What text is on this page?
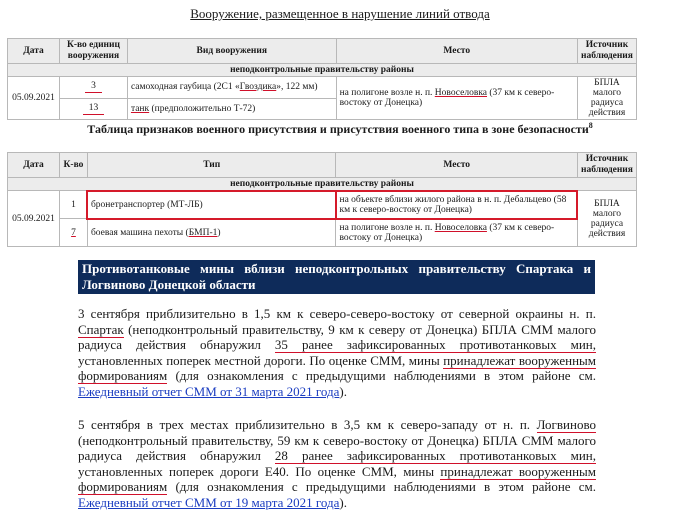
Вооружение, размещенное в нарушение линий отвода
Дата	К-во единиц вооружения	Вид вооружения	Место	Источник наблюдения
неподконтрольные правительству районы				
05.09.2021	3	самоходная гаубица (2С1 «Гвоздика», 122 мм)	на полигоне возле н. п. Новоселовка (37 км к северо-востоку от Донецка)	БПЛА малого радиуса действия
	13	танк (предположительно Т-72)		
Таблица признаков военного присутствия и присутствия военного типа в зоне безопасности$^8$
Дата	К-во	Тип	Место	Источник наблюдения
неподконтрольные правительству районы				
05.09.2021	1	бронетранспортер (МТ-ЛБ)	на объекте вблизи жилого района в н. п. Дебальцево (58 км к северо-востоку от Донецка)	БПЛА малого радиуса действия
	7	боевая машина пехоты (БМП-1)	на полигоне возле н. п. Новоселовка (37 км к северо-востоку от Донецка)	
Противотанковые мины вблизи неподконтрольных правительству Спартака и Логвиново Донецкой области
3 сентября приблизительно в 1,5 км к северо-северо-востоку от северной окраины н. п. Спартак (неподконтрольный правительству, 9 км к северу от Донецка) БПЛА СММ малого радиуса действия обнаружил 35 ранее зафиксированных противотанковых мин, установленных поперек местной дороги. По оценке СММ, мины принадлежат вооруженным формированиям (для ознакомления с предыдущими наблюдениями в этом районе см. Ежедневный отчет СММ от 31 марта 2021 года).
5 сентября в трех местах приблизительно в 3,5 км к северо-западу от н. п. Логвиново (неподконтрольный правительству, 59 км к северо-востоку от Донецка) БПЛА СММ малого радиуса действия обнаружил 28 ранее зафиксированных противотанковых мин, установленных поперек дороги Е40. По оценке СММ, мины принадлежат вооруженным формированиям (для ознакомления с предыдущими наблюдениями в этом районе см. Ежедневный отчет СММ от 19 марта 2021 года).
